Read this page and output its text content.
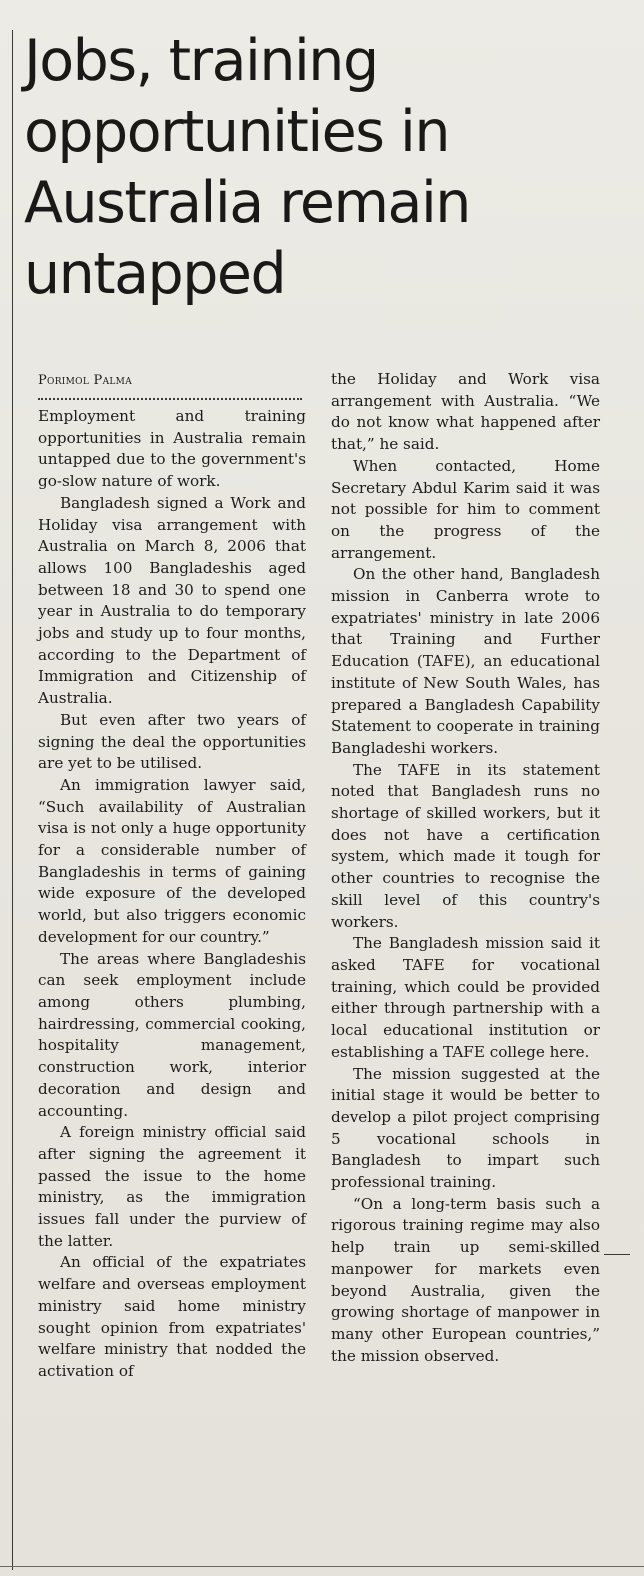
Jobs, training opportunities in Australia remain untapped
Porimol Palma

Employment and training opportunities in Australia remain untapped due to the government's go-slow nature of work.

Bangladesh signed a Work and Holiday visa arrangement with Australia on March 8, 2006 that allows 100 Bangladeshis aged between 18 and 30 to spend one year in Australia to do temporary jobs and study up to four months, according to the Department of Immigration and Citizenship of Australia.

But even after two years of signing the deal the opportunities are yet to be utilised.

An immigration lawyer said, “Such availability of Australian visa is not only a huge opportunity for a considerable number of Bangladeshis in terms of gaining wide exposure of the developed world, but also triggers economic development for our country.”

The areas where Bangladeshis can seek employment include among others plumbing, hairdressing, commercial cooking, hospitality management, construction work, interior decoration and design and accounting.

A foreign ministry official said after signing the agreement it passed the issue to the home ministry, as the immigration issues fall under the purview of the latter.

An official of the expatriates welfare and overseas employment ministry said home ministry sought opinion from expatriates' welfare ministry that nodded the activation of

the Holiday and Work visa arrangement with Australia. “We do not know what happened after that,” he said.

When contacted, Home Secretary Abdul Karim said it was not possible for him to comment on the progress of the arrangement.

On the other hand, Bangladesh mission in Canberra wrote to expatriates' ministry in late 2006 that Training and Further Education (TAFE), an educational institute of New South Wales, has prepared a Bangladesh Capability Statement to cooperate in training Bangladeshi workers.

The TAFE in its statement noted that Bangladesh runs no shortage of skilled workers, but it does not have a certification system, which made it tough for other countries to recognise the skill level of this country's workers.

The Bangladesh mission said it asked TAFE for vocational training, which could be provided either through partnership with a local educational institution or establishing a TAFE college here.

The mission suggested at the initial stage it would be better to develop a pilot project comprising 5 vocational schools in Bangladesh to impart such professional training.

“On a long-term basis such a rigorous training regime may also help train up semi-skilled manpower for markets even beyond Australia, given the growing shortage of manpower in many other European countries,” the mission observed.
